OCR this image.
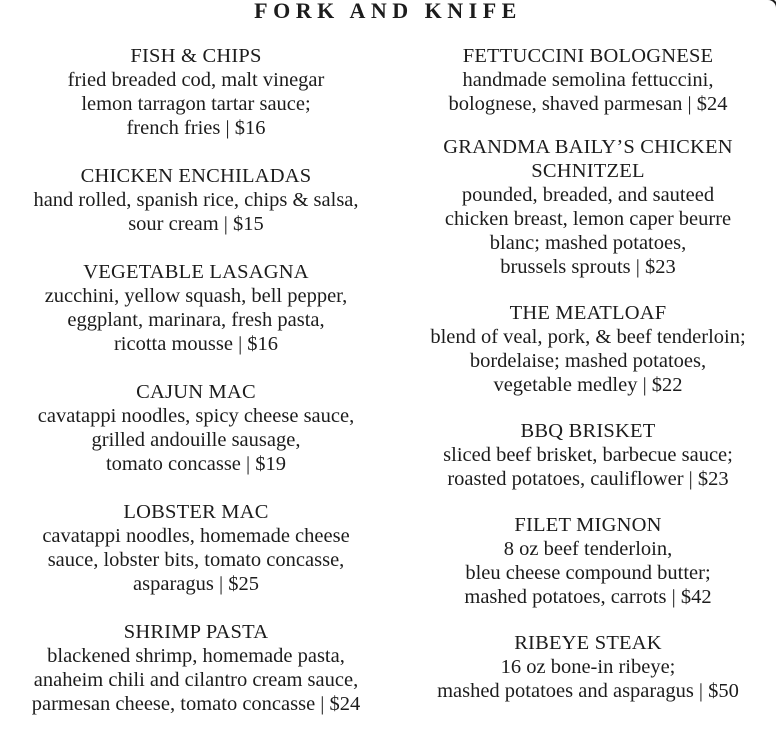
FORK AND KNIFE
FISH & CHIPS
fried breaded cod, malt vinegar
lemon tarragon tartar sauce;
french fries | $16
CHICKEN ENCHILADAS
hand rolled, spanish rice, chips & salsa,
sour cream | $15
VEGETABLE LASAGNA
zucchini, yellow squash, bell pepper,
eggplant, marinara, fresh pasta,
ricotta mousse | $16
CAJUN MAC
cavatappi noodles, spicy cheese sauce,
grilled andouille sausage,
tomato concasse | $19
LOBSTER MAC
cavatappi noodles, homemade cheese
sauce, lobster bits, tomato concasse,
asparagus | $25
SHRIMP PASTA
blackened shrimp, homemade pasta,
anaheim chili and cilantro cream sauce,
parmesan cheese, tomato concasse | $24
FETTUCCINI BOLOGNESE
handmade semolina fettuccini,
bolognese, shaved parmesan | $24
GRANDMA BAILY’S CHICKEN
SCHNITZEL
pounded, breaded, and sauteed
chicken breast, lemon caper beurre
blanc; mashed potatoes,
brussels sprouts | $23
THE MEATLOAF
blend of veal, pork, & beef tenderloin;
bordelaise; mashed potatoes,
vegetable medley | $22
BBQ BRISKET
sliced beef brisket, barbecue sauce;
roasted potatoes, cauliflower | $23
FILET MIGNON
8 oz beef tenderloin,
bleu cheese compound butter;
mashed potatoes, carrots | $42
RIBEYE STEAK
16 oz bone-in ribeye;
mashed potatoes and asparagus | $50
